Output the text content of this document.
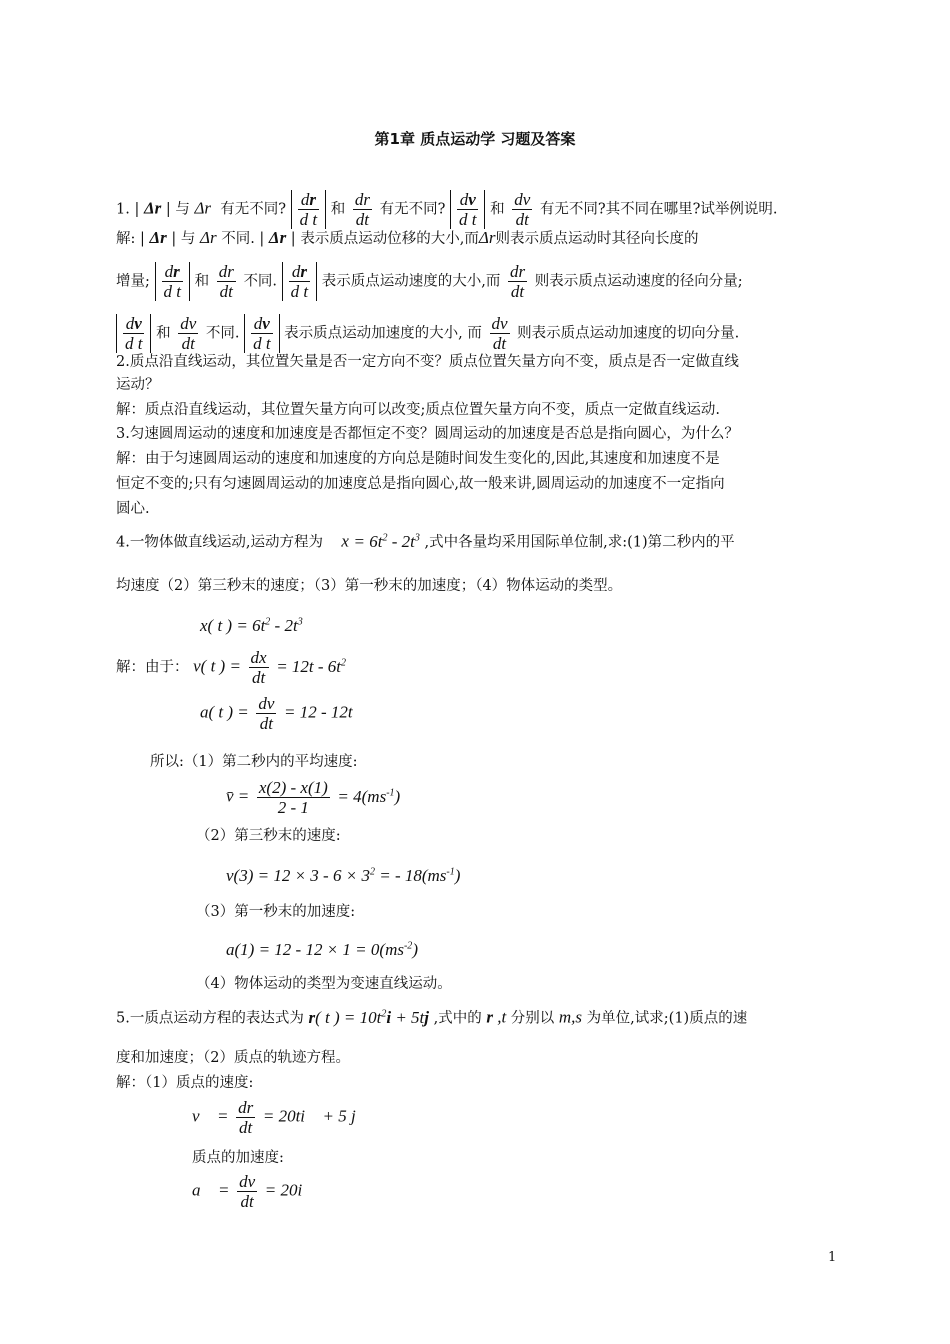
第1章 质点运动学 习题及答案
1. | Δr | 与 Δr 有无不同? $\frac{dr}{\text{d t}}$ 和 $\frac{dr}{dt}$ 有无不同? $\frac{dv}{\text{d t}}$ 和 $\frac{dv}{dt}$ 有无不同?其不同在哪里?试举例说明.
解: | Δr | 与 Δr 不同. | Δr | 表示质点运动位移的大小,而Δr则表示质点运动时其径向长度的
增量; $\frac{dr}{\text{d t}}$ 和 $\frac{dr}{dt}$ 不同. $\frac{dr}{\text{d t}}$ 表示质点运动速度的大小,而 $\frac{dr}{dt}$ 则表示质点运动速度的径向分量;
$\frac{dv}{\text{d t}}$ 和 $\frac{dv}{dt}$ 不同. $\frac{dv}{\text{d t}}$ 表示质点运动加速度的大小, 而 $\frac{dv}{dt}$ 则表示质点运动加速度的切向分量.
2.质点沿直线运动，其位置矢量是否一定方向不变？质点位置矢量方向不变，质点是否一定做直线
运动？
解：质点沿直线运动，其位置矢量方向可以改变;质点位置矢量方向不变，质点一定做直线运动.
3.匀速圆周运动的速度和加速度是否都恒定不变？圆周运动的加速度是否总是指向圆心，为什么？
解：由于匀速圆周运动的速度和加速度的方向总是随时间发生变化的,因此,其速度和加速度不是
恒定不变的;只有匀速圆周运动的加速度总是指向圆心,故一般来讲,圆周运动的加速度不一定指向
圆心.
4.一物体做直线运动,运动方程为 $x = 6t^2 - 2t^3$ ,式中各量均采用国际单位制,求:(1)第二秒内的平
均速度（2）第三秒末的速度；（3）第一秒末的加速度；（4）物体运动的类型。
x( t ) = $6t^2 - 2t^3$
解：由于： v( t ) = $\frac{dx}{dt} = 12t - 6t^2$
a( t ) = $\frac{dv}{dt} = 12 - 12t$
所以:（1）第二秒内的平均速度:
v̄ = $\frac{x(2) - x(1)}{2 - 1} = 4(ms^{-1})$
（2）第三秒末的速度:
$v(3) = 12 \times 3 - 6 \times 3^2$ = - $18(ms^{-1})$
（3）第一秒末的加速度:
$a(1) = 12 - 12 \times 1 = 0(ms^{-2})$
（4）物体运动的类型为变速直线运动。
5.一质点运动方程的表达式为 r( t ) = $10t^2i + 5tj$ ,式中的 r ,t 分别以 m,s 为单位,试求;(1)质点的速
度和加速度；（2）质点的轨迹方程。
解：（1）质点的速度:
v⃗ = $\frac{dr}{dt}$ = 20ti⃗ + 5 j⃗
质点的加速度:
a⃗ = $\frac{dv}{dt}$ = 20i⃗
1
